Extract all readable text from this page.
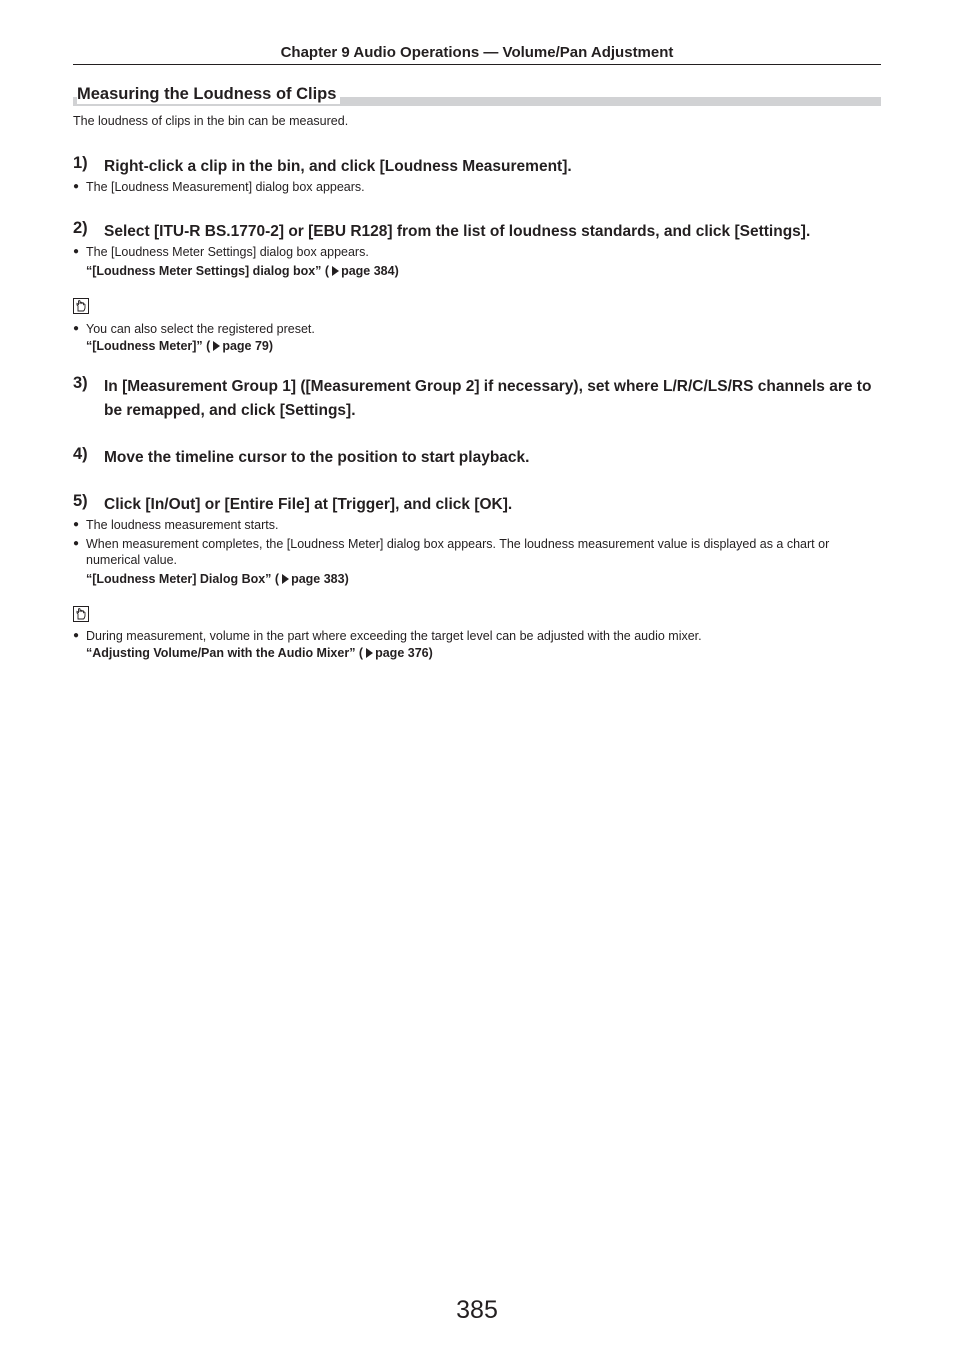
Chapter 9 Audio Operations — Volume/Pan Adjustment
Measuring the Loudness of Clips
The loudness of clips in the bin can be measured.
1) Right-click a clip in the bin, and click [Loudness Measurement].
● The [Loudness Measurement] dialog box appears.
2) Select [ITU-R BS.1770-2] or [EBU R128] from the list of loudness standards, and click [Settings].
● The [Loudness Meter Settings] dialog box appears.
“[Loudness Meter Settings] dialog box” ( page 384)
● You can also select the registered preset.
“[Loudness Meter]” ( page 79)
3) In [Measurement Group 1] ([Measurement Group 2] if necessary), set where L/R/C/LS/RS channels are to be remapped, and click [Settings].
4) Move the timeline cursor to the position to start playback.
5) Click [In/Out] or [Entire File] at [Trigger], and click [OK].
● The loudness measurement starts.
● When measurement completes, the [Loudness Meter] dialog box appears. The loudness measurement value is displayed as a chart or numerical value.
“[Loudness Meter] Dialog Box” ( page 383)
● During measurement, volume in the part where exceeding the target level can be adjusted with the audio mixer.
“Adjusting Volume/Pan with the Audio Mixer” ( page 376)
385
